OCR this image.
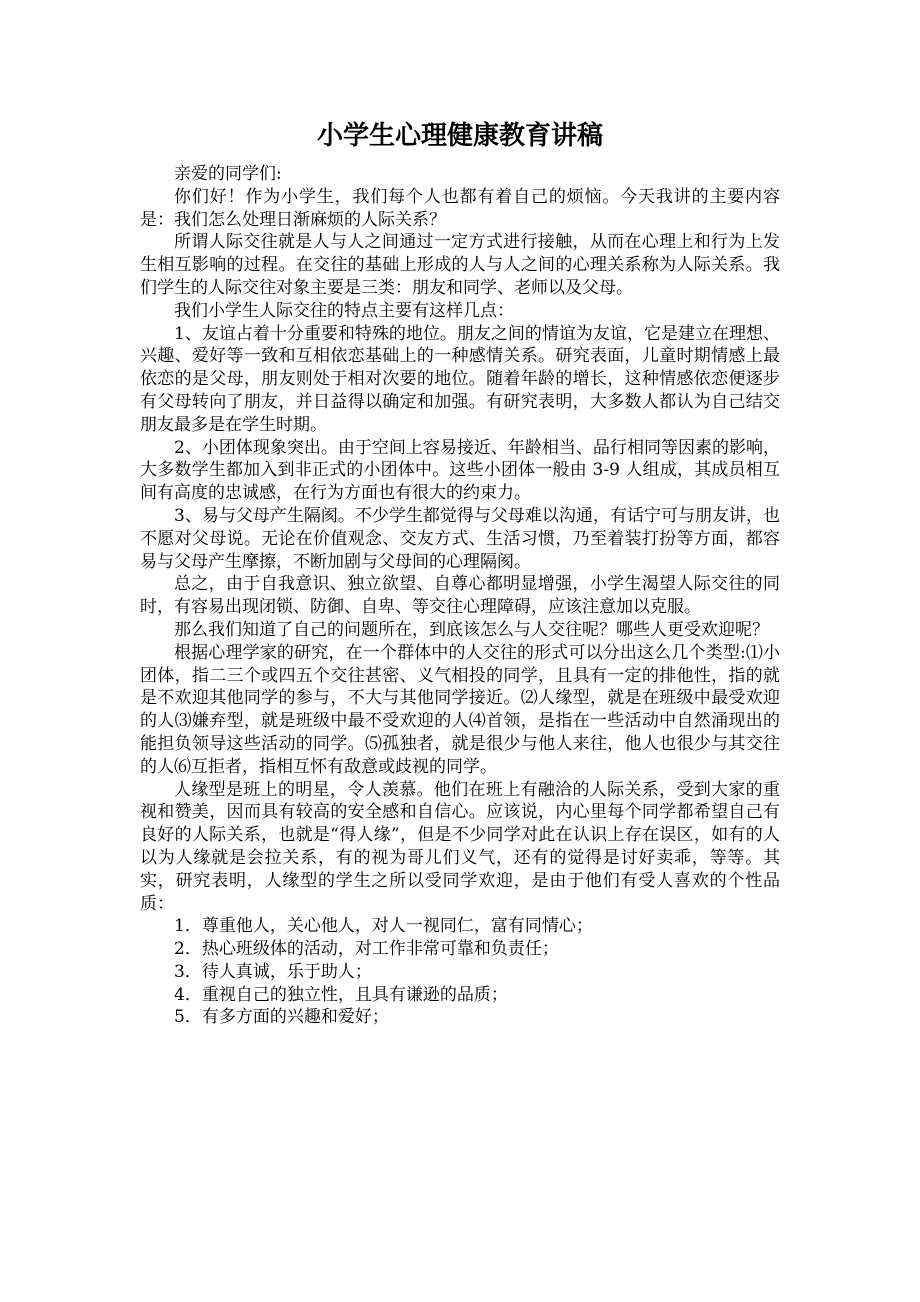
小学生心理健康教育讲稿

亲爱的同学们:

你们好！作为小学生，我们每个人也都有着自己的烦恼。今天我讲的主要内容是：我们怎么处理日渐麻烦的人际关系？

所谓人际交往就是人与人之间通过一定方式进行接触，从而在心理上和行为上发生相互影响的过程。在交往的基础上形成的人与人之间的心理关系称为人际关系。我们学生的人际交往对象主要是三类：朋友和同学、老师以及父母。

我们小学生人际交往的特点主要有这样几点：

1、友谊占着十分重要和特殊的地位。朋友之间的情谊为友谊，它是建立在理想、兴趣、爱好等一致和互相依恋基础上的一种感情关系。研究表面，儿童时期情感上最依恋的是父母，朋友则处于相对次要的地位。随着年龄的增长，这种情感依恋便逐步有父母转向了朋友，并日益得以确定和加强。有研究表明，大多数人都认为自己结交朋友最多是在学生时期。

2、小团体现象突出。由于空间上容易接近、年龄相当、品行相同等因素的影响，大多数学生都加入到非正式的小团体中。这些小团体一般由 3-9 人组成，其成员相互间有高度的忠诚感，在行为方面也有很大的约束力。

3、易与父母产生隔阂。不少学生都觉得与父母难以沟通，有话宁可与朋友讲，也不愿对父母说。无论在价值观念、交友方式、生活习惯，乃至着装打扮等方面，都容易与父母产生摩擦，不断加剧与父母间的心理隔阂。

总之，由于自我意识、独立欲望、自尊心都明显增强，小学生渴望人际交往的同时，有容易出现闭锁、防御、自卑、等交往心理障碍，应该注意加以克服。

那么我们知道了自己的问题所在，到底该怎么与人交往呢？哪些人更受欢迎呢？

根据心理学家的研究，在一个群体中的人交往的形式可以分出这么几个类型:⑴小团体，指二三个或四五个交往甚密、义气相投的同学，且具有一定的排他性，指的就是不欢迎其他同学的参与，不大与其他同学接近。⑵人缘型，就是在班级中最受欢迎的人⑶嫌弃型，就是班级中最不受欢迎的人⑷首领，是指在一些活动中自然涌现出的能担负领导这些活动的同学。⑸孤独者，就是很少与他人来往，他人也很少与其交往的人⑹互拒者，指相互怀有敌意或歧视的同学。

人缘型是班上的明星，令人羡慕。他们在班上有融洽的人际关系，受到大家的重视和赞美，因而具有较高的安全感和自信心。应该说，内心里每个同学都希望自己有良好的人际关系，也就是“得人缘”，但是不少同学对此在认识上存在误区，如有的人以为人缘就是会拉关系，有的视为哥儿们义气，还有的觉得是讨好卖乖，等等。其实，研究表明，人缘型的学生之所以受同学欢迎，是由于他们有受人喜欢的个性品质：

1．尊重他人，关心他人，对人一视同仁，富有同情心；
2．热心班级体的活动，对工作非常可靠和负责任；
3．待人真诚，乐于助人；
4．重视自己的独立性，且具有谦逊的品质；
5．有多方面的兴趣和爱好；
